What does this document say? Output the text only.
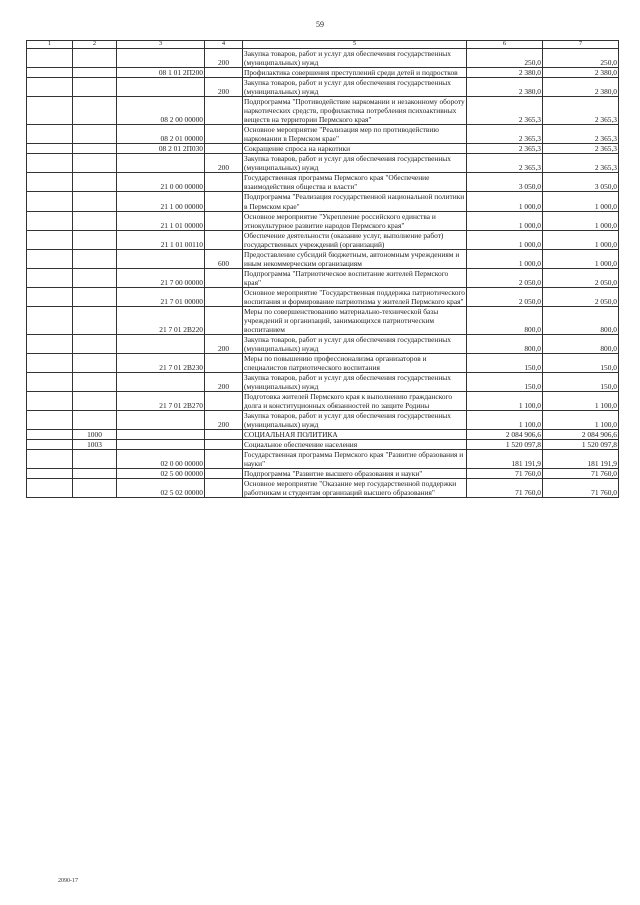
59
1	2	3	4	5	6	7
			200	Закупка товаров, работ и услуг для обеспечения государственных (муниципальных) нужд	250,0	250,0
		08 1 01 2П200		Профилактика совершения преступлений среди детей и подростков	2 380,0	2 380,0
			200	Закупка товаров, работ и услуг для обеспечения государственных (муниципальных) нужд	2 380,0	2 380,0
		08 2 00 00000		Подпрограмма "Противодействие наркомании и незаконному обороту наркотических средств, профилактика потребления психоактивных веществ на территории Пермского края"	2 365,3	2 365,3
		08 2 01 00000		Основное мероприятие "Реализация мер по противодействию наркомании в Пермском крае"	2 365,3	2 365,3
		08 2 01 2П030		Сокращение спроса на наркотики	2 365,3	2 365,3
			200	Закупка товаров, работ и услуг для обеспечения государственных (муниципальных) нужд	2 365,3	2 365,3
		21 0 00 00000		Государственная программа Пермского края "Обеспечение взаимодействия общества и власти"	3 050,0	3 050,0
		21 1 00 00000		Подпрограмма "Реализация государственной национальной политики в Пермском крае"	1 000,0	1 000,0
		21 1 01 00000		Основное мероприятие "Укрепление российского единства и этнокультурное развитие народов Пермского края"	1 000,0	1 000,0
		21 1 01 00110		Обеспечение деятельности (оказание услуг, выполнение работ) государственных учреждений (организаций)	1 000,0	1 000,0
			600	Предоставление субсидий бюджетным, автономным учреждениям и иным некоммерческим организациям	1 000,0	1 000,0
		21 7 00 00000		Подпрограмма "Патриотическое воспитание жителей Пермского края"	2 050,0	2 050,0
		21 7 01 00000		Основное мероприятие "Государственная поддержка патриотического воспитания и формирование патриотизма у жителей Пермского края"	2 050,0	2 050,0
		21 7 01 2В220		Меры по совершенствованию материально-технической базы учреждений и организаций, занимающихся патриотическим воспитанием	800,0	800,0
			200	Закупка товаров, работ и услуг для обеспечения государственных (муниципальных) нужд	800,0	800,0
		21 7 01 2В230		Меры по повышению профессионализма организаторов и специалистов патриотического воспитания	150,0	150,0
			200	Закупка товаров, работ и услуг для обеспечения государственных (муниципальных) нужд	150,0	150,0
		21 7 01 2В270		Подготовка жителей Пермского края к выполнению гражданского долга и конституционных обязанностей по защите Родины	1 100,0	1 100,0
			200	Закупка товаров, работ и услуг для обеспечения государственных (муниципальных) нужд	1 100,0	1 100,0
	1000			СОЦИАЛЬНАЯ ПОЛИТИКА	2 084 906,6	2 084 906,6
	1003			Социальное обеспечение населения	1 520 097,8	1 520 097,8
		02 0 00 00000		Государственная программа Пермского края "Развитие образования и науки"	181 191,9	181 191,9
		02 5 00 00000		Подпрограмма "Развитие высшего образования и науки"	71 760,0	71 760,0
		02 5 02 00000		Основное мероприятие "Оказание мер государственной поддержки работникам и студентам организаций высшего образования"	71 760,0	71 760,0
2090-17
